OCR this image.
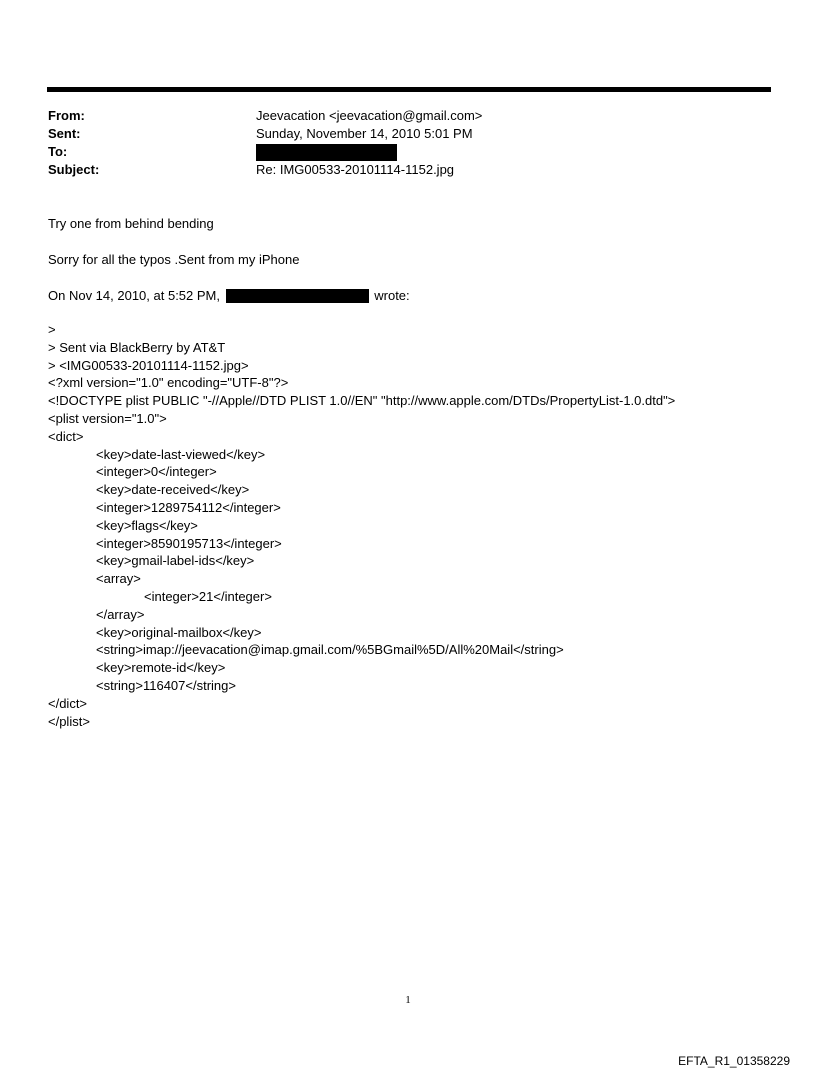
From:	Jeevacation <jeevacation@gmail.com>
Sent:	Sunday, November 14, 2010 5:01 PM
To:
Subject:	Re: IMG00533-20101114-1152.jpg
Try one from behind bending
Sorry for all the typos .Sent from my iPhone
On Nov 14, 2010, at 5:52 PM,	wrote:
>
> Sent via BlackBerry by AT&T
> <IMG00533-20101114-1152.jpg>
<?xml version="1.0" encoding="UTF-8"?>
<!DOCTYPE plist PUBLIC "-//Apple//DTD PLIST 1.0//EN" "http://www.apple.com/DTDs/PropertyList-1.0.dtd">
<plist version="1.0">
<dict>
<key>date-last-viewed</key>
<integer>0</integer>
<key>date-received</key>
<integer>1289754112</integer>
<key>flags</key>
<integer>8590195713</integer>
<key>gmail-label-ids</key>
<array>
<integer>21</integer>
</array>
<key>original-mailbox</key>
<string>imap://jeevacation@imap.gmail.com/%5BGmail%5D/All%20Mail</string>
<key>remote-id</key>
<string>116407</string>
</dict>
</plist>
1
EFTA_R1_01358229
